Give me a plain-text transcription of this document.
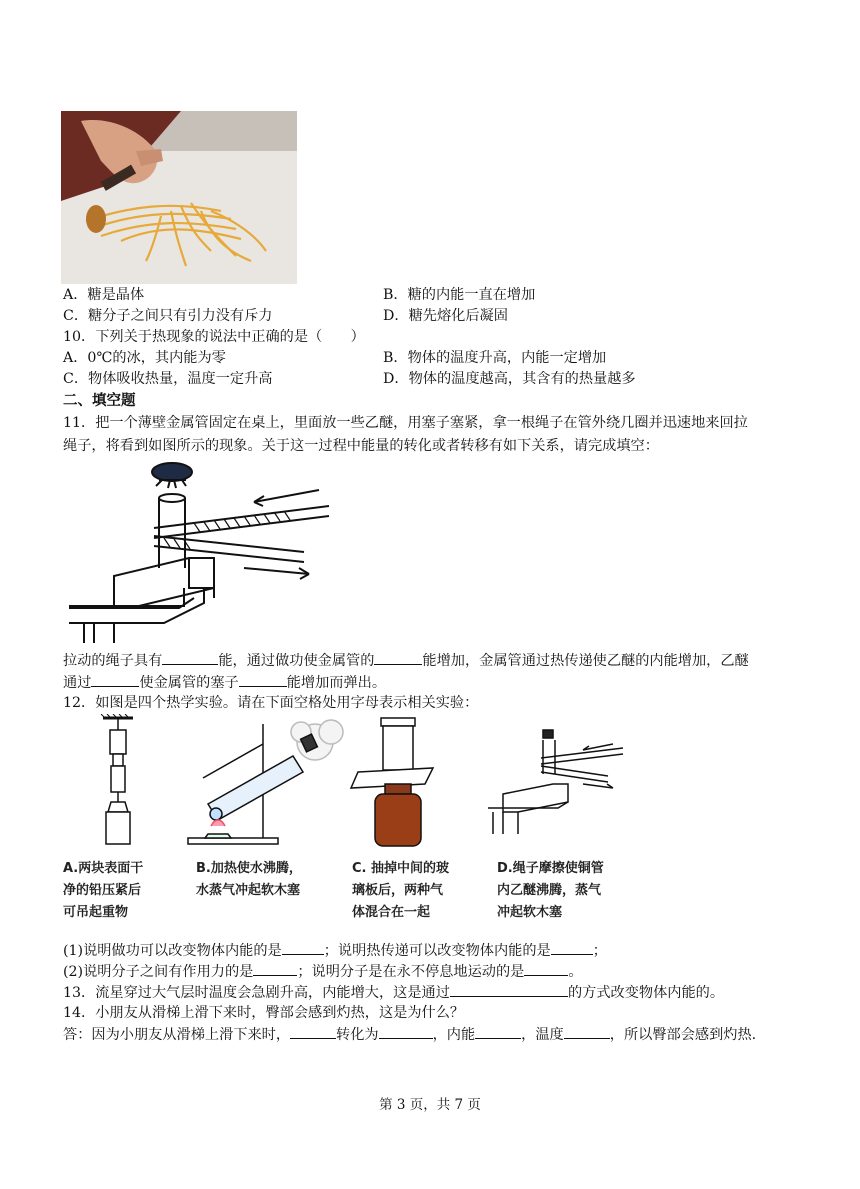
A．糖是晶体	B．糖的内能一直在增加
C．糖分子之间只有引力没有斥力	D．糖先熔化后凝固
10．下列关于热现象的说法中正确的是（　　）
A．0℃的冰，其内能为零	B．物体的温度升高，内能一定增加
C．物体吸收热量，温度一定升高	D．物体的温度越高，其含有的热量越多
二、填空题
11．把一个薄壁金属管固定在桌上，里面放一些乙醚，用塞子塞紧，拿一根绳子在管外绕几圈并迅速地来回拉
绳子，将看到如图所示的现象。关于这一过程中能量的转化或者转移有如下关系，请完成填空：
拉动的绳子具有	能，通过做功使金属管的	能增加，金属管通过热传递使乙醚的内能增加，乙醚
通过	使金属管的塞子	能增加而弹出。
12．如图是四个热学实验。请在下面空格处用字母表示相关实验：
A.两块表面干
净的铅压紧后
可吊起重物
B.加热使水沸腾，
水蒸气冲起软木塞
C. 抽掉中间的玻
璃板后，两种气
体混合在一起
D.绳子摩擦使铜管
内乙醚沸腾，蒸气
冲起软木塞
(1)说明做功可以改变物体内能的是	；说明热传递可以改变物体内能的是	；
(2)说明分子之间有作用力的是	；说明分子是在永不停息地运动的是	。
13．流星穿过大气层时温度会急剧升高，内能增大，这是通过	的方式改变物体内能的。
14．小朋友从滑梯上滑下来时，臀部会感到灼热，这是为什么？
答：因为小朋友从滑梯上滑下来时，	转化为	，内能	，温度	，所以臀部会感到灼热.
第 3 页，共 7 页
